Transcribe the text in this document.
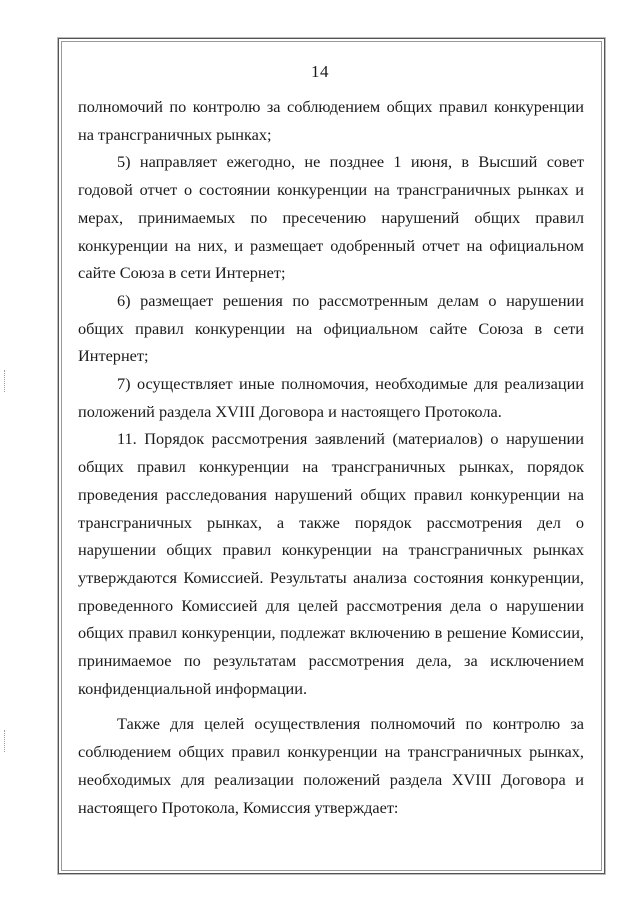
14

полномочий по контролю за соблюдением общих правил конкуренции на трансграничных рынках;

5) направляет ежегодно, не позднее 1 июня, в Высший совет годовой отчет о состоянии конкуренции на трансграничных рынках и мерах, принимаемых по пресечению нарушений общих правил конкуренции на них, и размещает одобренный отчет на официальном сайте Союза в сети Интернет;

6) размещает решения по рассмотренным делам о нарушении общих правил конкуренции на официальном сайте Союза в сети Интернет;

7) осуществляет иные полномочия, необходимые для реализации положений раздела XVIII Договора и настоящего Протокола.

11. Порядок рассмотрения заявлений (материалов) о нарушении общих правил конкуренции на трансграничных рынках, порядок проведения расследования нарушений общих правил конкуренции на трансграничных рынках, а также порядок рассмотрения дел о нарушении общих правил конкуренции на трансграничных рынках утверждаются Комиссией. Результаты анализа состояния конкуренции, проведенного Комиссией для целей рассмотрения дела о нарушении общих правил конкуренции, подлежат включению в решение Комиссии, принимаемое по результатам рассмотрения дела, за исключением конфиденциальной информации.

Также для целей осуществления полномочий по контролю за соблюдением общих правил конкуренции на трансграничных рынках, необходимых для реализации положений раздела XVIII Договора и настоящего Протокола, Комиссия утверждает:
